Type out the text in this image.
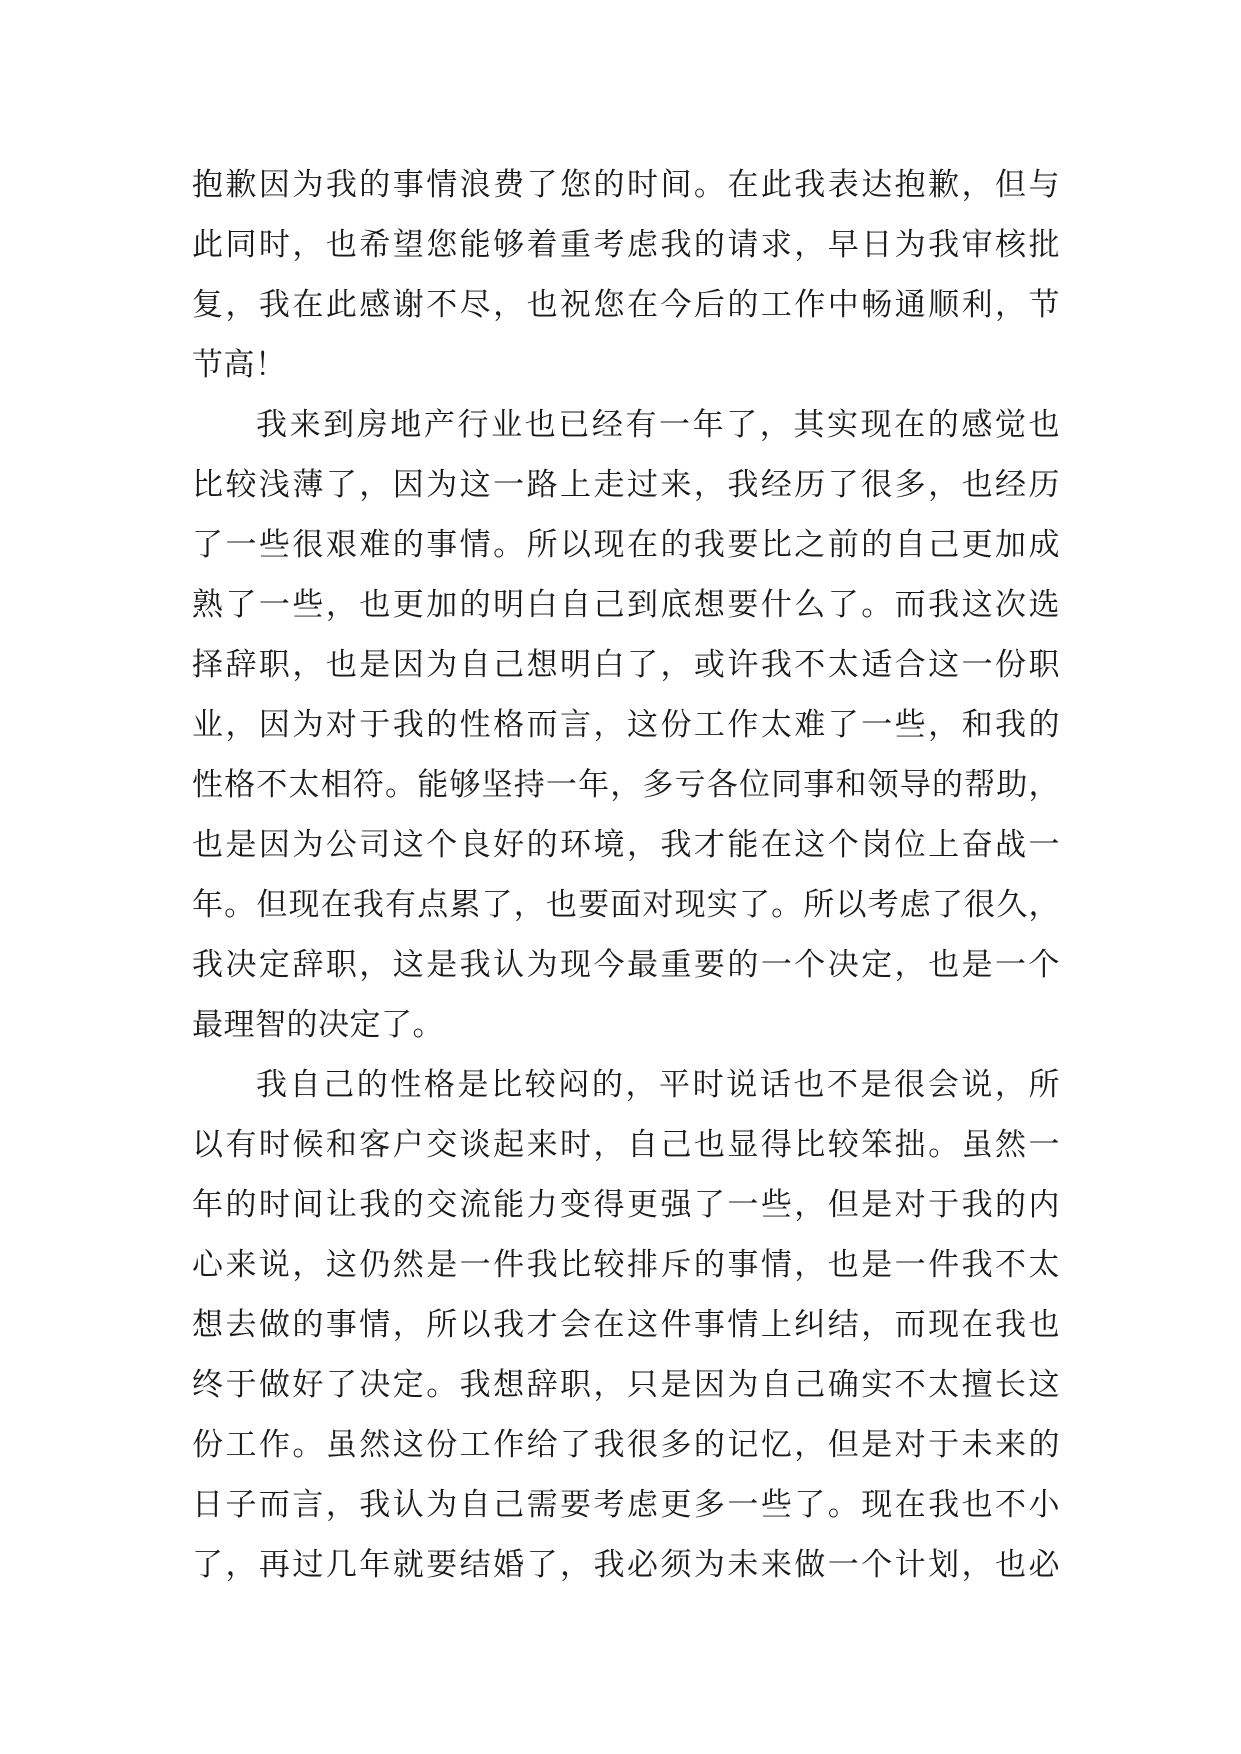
抱歉因为我的事情浪费了您的时间。在此我表达抱歉，但与
此同时，也希望您能够着重考虑我的请求，早日为我审核批
复，我在此感谢不尽，也祝您在今后的工作中畅通顺利，节
节高！
我来到房地产行业也已经有一年了，其实现在的感觉也
比较浅薄了，因为这一路上走过来，我经历了很多，也经历
了一些很艰难的事情。所以现在的我要比之前的自己更加成
熟了一些，也更加的明白自己到底想要什么了。而我这次选
择辞职，也是因为自己想明白了，或许我不太适合这一份职
业，因为对于我的性格而言，这份工作太难了一些，和我的
性格不太相符。能够坚持一年，多亏各位同事和领导的帮助，
也是因为公司这个良好的环境，我才能在这个岗位上奋战一
年。但现在我有点累了，也要面对现实了。所以考虑了很久，
我决定辞职，这是我认为现今最重要的一个决定，也是一个
最理智的决定了。
我自己的性格是比较闷的，平时说话也不是很会说，所
以有时候和客户交谈起来时，自己也显得比较笨拙。虽然一
年的时间让我的交流能力变得更强了一些，但是对于我的内
心来说，这仍然是一件我比较排斥的事情，也是一件我不太
想去做的事情，所以我才会在这件事情上纠结，而现在我也
终于做好了决定。我想辞职，只是因为自己确实不太擅长这
份工作。虽然这份工作给了我很多的记忆，但是对于未来的
日子而言，我认为自己需要考虑更多一些了。现在我也不小
了，再过几年就要结婚了，我必须为未来做一个计划，也必
